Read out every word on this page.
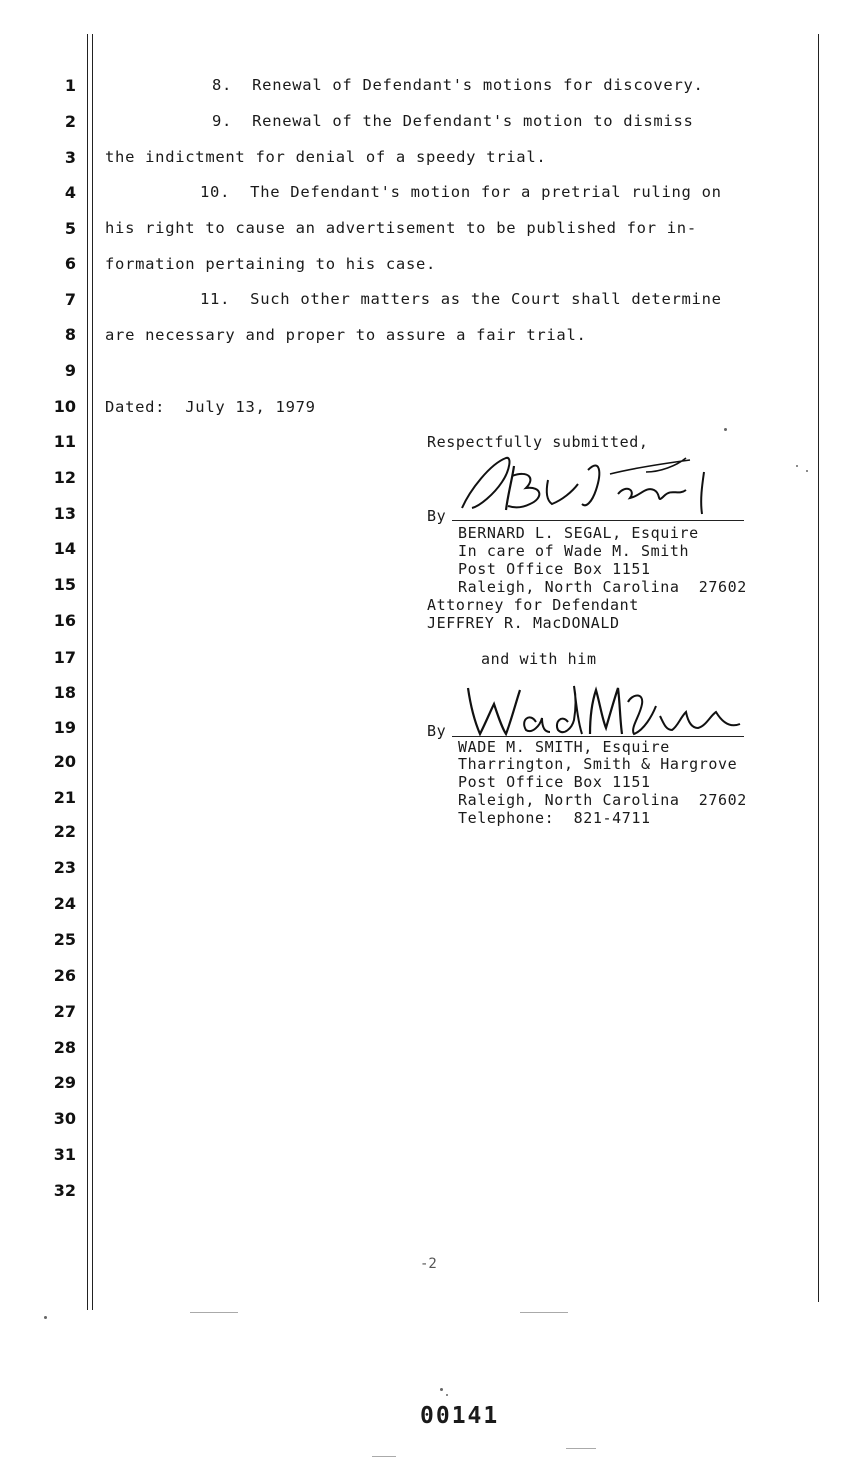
1
2
3
4
5
6
7
8
9
10
11
12
13
14
15
16
17
18
19
20
21
22
23
24
25
26
27
28
29
30
31
32
8.  Renewal of Defendant's motions for discovery.
9.  Renewal of the Defendant's motion to dismiss
the indictment for denial of a speedy trial.
10.  The Defendant's motion for a pretrial ruling on
his right to cause an advertisement to be published for in-
formation pertaining to his case.
11.  Such other matters as the Court shall determine
are necessary and proper to assure a fair trial.
Dated:  July 13, 1979
Respectfully submitted,
By
BERNARD L. SEGAL, Esquire
In care of Wade M. Smith
Post Office Box 1151
Raleigh, North Carolina  27602
Attorney for Defendant
JEFFREY R. MacDONALD
and with him
By
WADE M. SMITH, Esquire
Tharrington, Smith & Hargrove
Post Office Box 1151
Raleigh, North Carolina  27602
Telephone:  821-4711
-2
00141
